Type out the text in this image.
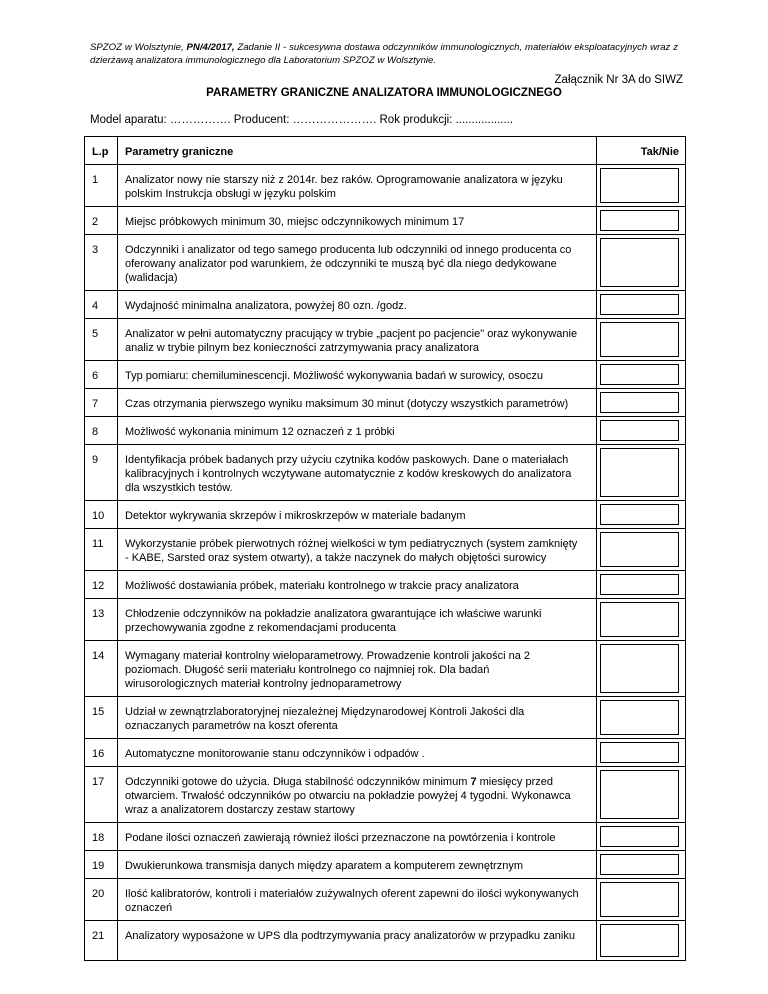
SPZOZ w Wolsztynie, PN/4/2017, Zadanie II - sukcesywna dostawa odczynników immunologicznych, materiałów eksploatacyjnych wraz z dzierżawą analizatora immunologicznego dla Laboratorium SPZOZ w Wolsztynie.
Załącznik Nr 3A do SIWZ
PARAMETRY GRANICZNE ANALIZATORA IMMUNOLOGICZNEGO
Model aparatu: ……………. Producent: …………………. Rok produkcji: ..................
L.p	Parametry graniczne	Tak/Nie
1	Analizator nowy nie starszy niż z 2014r. bez raków. Oprogramowanie analizatora w języku polskim Instrukcja obsługi w języku polskim	

2	Miejsc próbkowych minimum 30, miejsc odczynnikowych minimum 17	

3	Odczynniki i analizator od tego samego producenta lub odczynniki od innego producenta co oferowany analizator pod warunkiem, że odczynniki te muszą być dla niego dedykowane (walidacja)	

4	Wydajność minimalna analizatora, powyżej 80 ozn. /godz.	

5	Analizator w pełni automatyczny pracujący w trybie „pacjent po pacjencie" oraz wykonywanie analiz w trybie pilnym bez konieczności zatrzymywania pracy analizatora	

6	Typ pomiaru: chemiluminescencji. Możliwość wykonywania badań w surowicy, osoczu	

7	Czas otrzymania pierwszego wyniku maksimum 30 minut (dotyczy wszystkich parametrów)	

8	Możliwość wykonania minimum 12 oznaczeń z 1 próbki	

9	Identyfikacja próbek badanych przy użyciu czytnika kodów paskowych. Dane o materiałach kalibracyjnych i kontrolnych wczytywane automatycznie z kodów kreskowych do analizatora dla wszystkich testów.	

10	Detektor wykrywania skrzepów i mikroskrzepów w materiale badanym	

11	Wykorzystanie próbek pierwotnych różnej wielkości w tym pediatrycznych (system zamknięty - KABE, Sarsted oraz system otwarty), a także naczynek do małych objętości surowicy	

12	Możliwość dostawiania próbek, materiału kontrolnego w trakcie pracy analizatora	

13	Chłodzenie odczynników na pokładzie analizatora gwarantujące ich właściwe warunki przechowywania zgodne z rekomendacjami producenta	

14	Wymagany materiał kontrolny wieloparametrowy. Prowadzenie kontroli jakości na 2 poziomach. Długość serii materiału kontrolnego co najmniej rok. Dla badań wirusorologicznych materiał kontrolny jednoparametrowy	

15	Udział w zewnątrzlaboratoryjnej niezależnej Międzynarodowej Kontroli Jakości dla oznaczanych parametrów na koszt oferenta	

16	Automatyczne monitorowanie stanu odczynników i odpadów .	

17	Odczynniki gotowe do użycia. Długa stabilność odczynników minimum 7 miesięcy przed otwarciem. Trwałość odczynników po otwarciu na pokładzie powyżej 4 tygodni. Wykonawca wraz a analizatorem dostarczy zestaw startowy	

18	Podane ilości oznaczeń zawierają również ilości przeznaczone na powtórzenia i kontrole	

19	Dwukierunkowa transmisja danych między aparatem a komputerem zewnętrznym	

20	Ilość kalibratorów, kontroli i materiałów zużywalnych oferent zapewni do ilości wykonywanych oznaczeń	

21	Analizatory wyposażone w UPS dla podtrzymywania pracy analizatorów w przypadku zaniku	
